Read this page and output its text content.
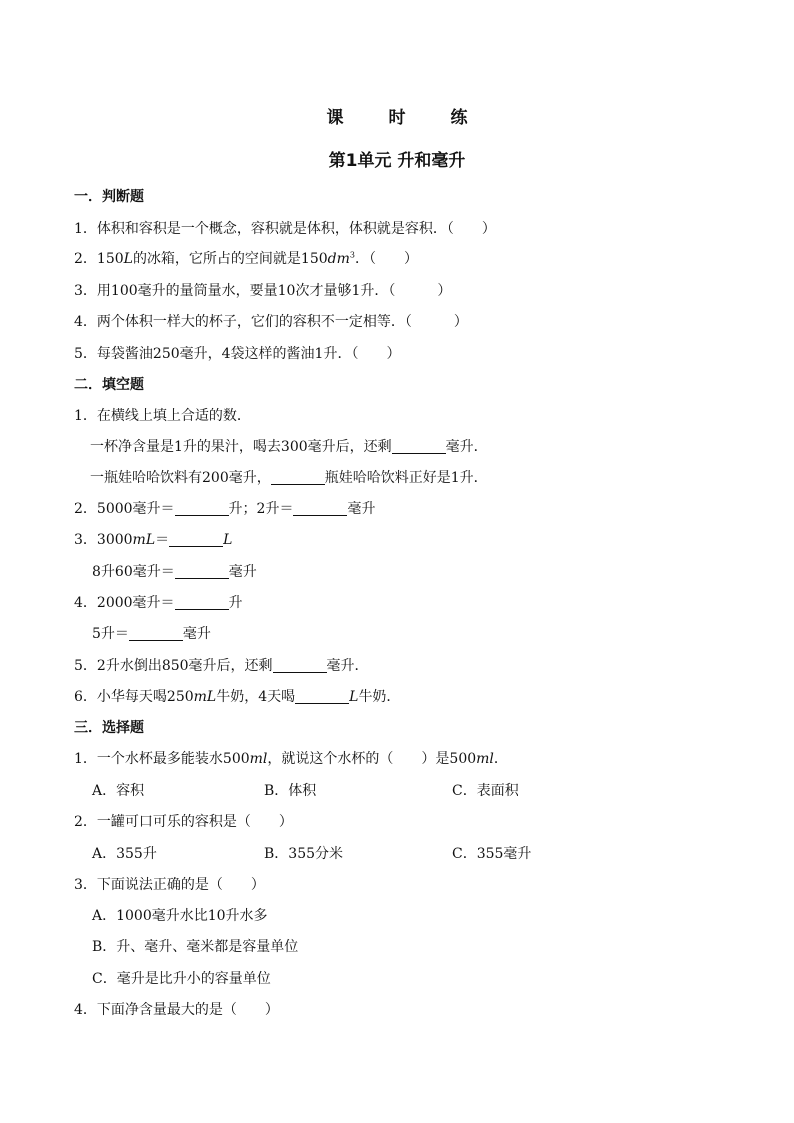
课　时　练
第1单元 升和毫升
一．判断题
1．体积和容积是一个概念，容积就是体积，体积就是容积．（　　）
2．150L的冰箱，它所占的空间就是$150dm^3$．（　　）
3．用100毫升的量筒量水，要量10次才量够1升．（　　　）
4．两个体积一样大的杯子，它们的容积不一定相等．（　　　）
5．每袋酱油250毫升，4袋这样的酱油1升．（　　）
二．填空题
1．在横线上填上合适的数．
一杯净含量是1升的果汁，喝去300毫升后，还剩	毫升．
一瓶娃哈哈饮料有200毫升，	瓶娃哈哈饮料正好是1升．
2．5000毫升＝	升；2升＝	毫升
3．3000mL＝	L
8升60毫升＝	毫升
4．2000毫升＝	升
5升＝	毫升
5．2升水倒出850毫升后，还剩	毫升．
6．小华每天喝250mL牛奶，4天喝	L牛奶．
三．选择题
1．一个水杯最多能装水500ml，就说这个水杯的（　　）是500ml．
A．容积	B．体积	C．表面积
2．一罐可口可乐的容积是（　　）
A．355升	B．355分米	C．355毫升
3．下面说法正确的是（　　）
A．1000毫升水比10升水多
B．升、毫升、毫米都是容量单位
C．毫升是比升小的容量单位
4．下面净含量最大的是（　　）
